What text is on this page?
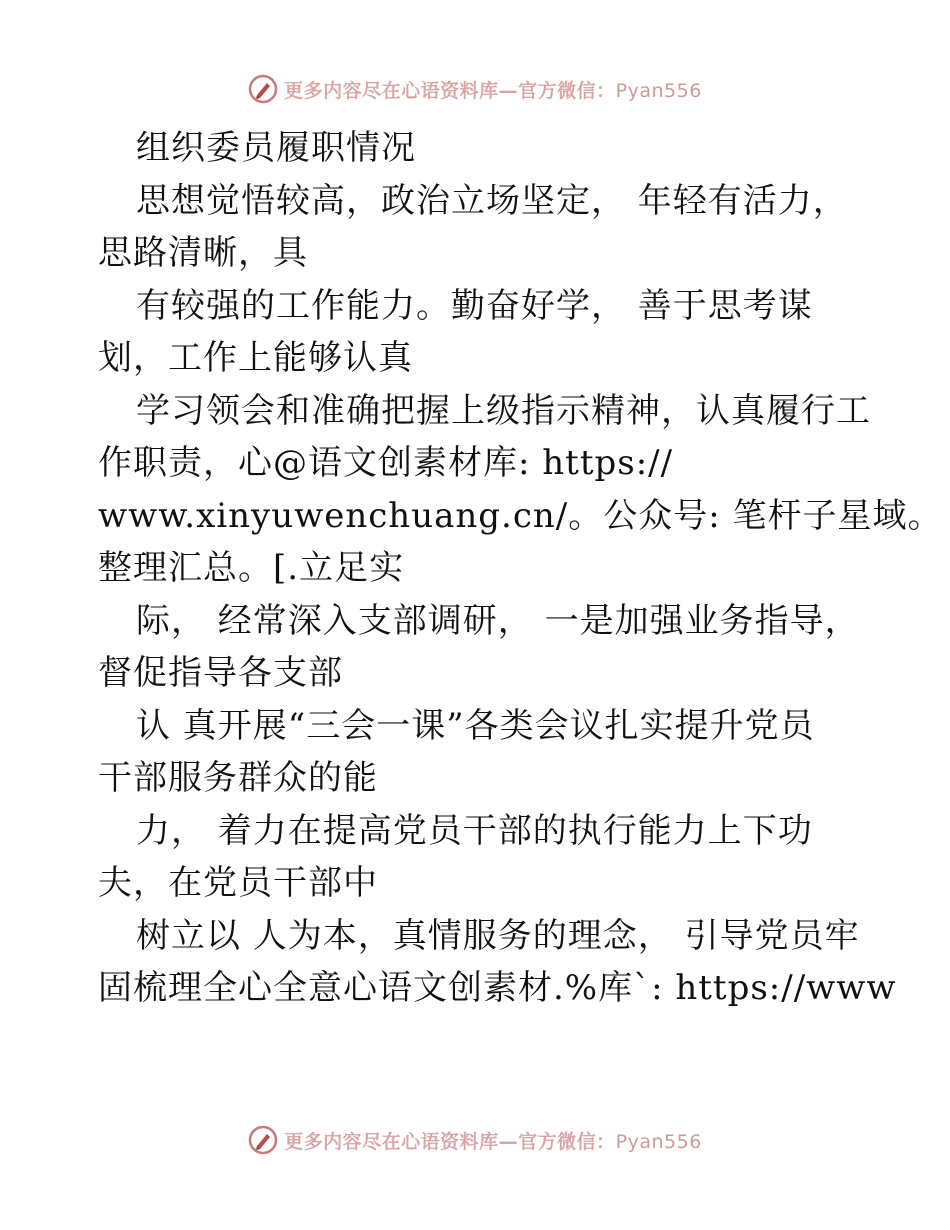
更多内容尽在心语资料库—官方微信：Pyan556
组织委员履职情况
思想觉悟较高，政治立场坚定， 年轻有活力，
思路清晰，具
有较强的工作能力。勤奋好学， 善于思考谋
划，工作上能够认真
学习领会和准确把握上级指示精神，认真履行工
作职责，心@语文创素材库: https://
www.xinyuwenchuang.cn/。公众号: 笔杆子星域。
整理汇总。[.立足实
际， 经常深入支部调研， 一是加强业务指导，
督促指导各支部
认 真开展“三会一课”各类会议扎实提升党员
干部服务群众的能
力， 着力在提高党员干部的执行能力上下功
夫，在党员干部中
树立以 人为本，真情服务的理念， 引导党员牢
固梳理全心全意心语文创素材.%库`: https://www
更多内容尽在心语资料库—官方微信：Pyan556
